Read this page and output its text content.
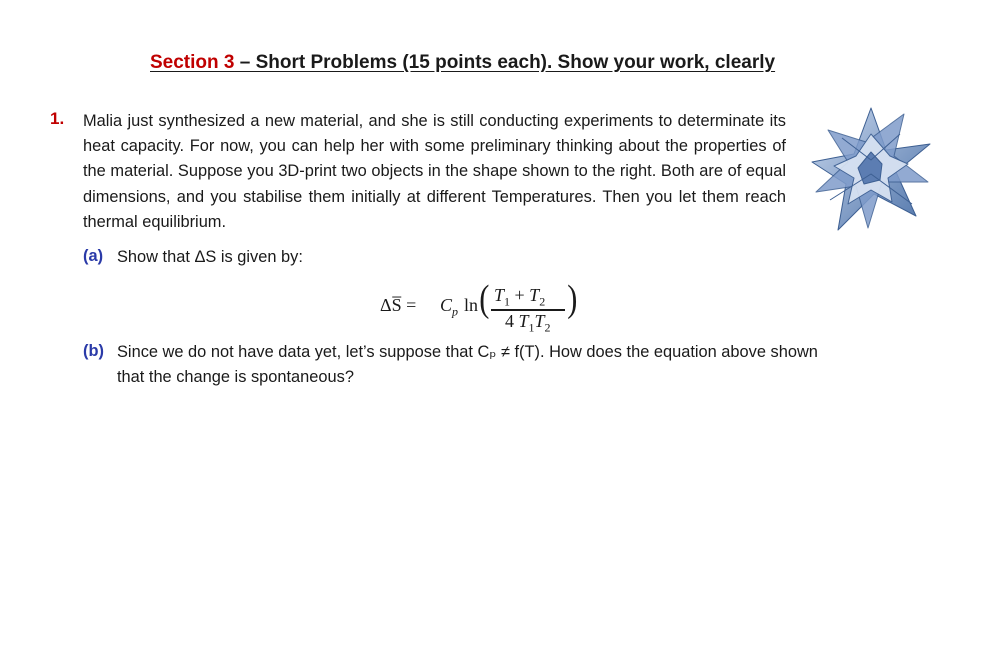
Section 3 – Short Problems (15 points each). Show your work, clearly
1. Malia just synthesized a new material, and she is still conducting experiments to determinate its heat capacity. For now, you can help her with some preliminary thinking about the properties of the material. Suppose you 3D-print two objects in the shape shown to the right. Both are of equal dimensions, and you stabilise them initially at different Temperatures. Then you let them reach thermal equilibrium.
(a) Show that ΔS is given by:
ΔS̅ = $C_p$ ln ( $T_1 + T_2$
4 $T_1T_2$
)
(b) Since we do not have data yet, let’s suppose that Cₚ ≠ f(T). How does the equation above shown
that the change is spontaneous?
